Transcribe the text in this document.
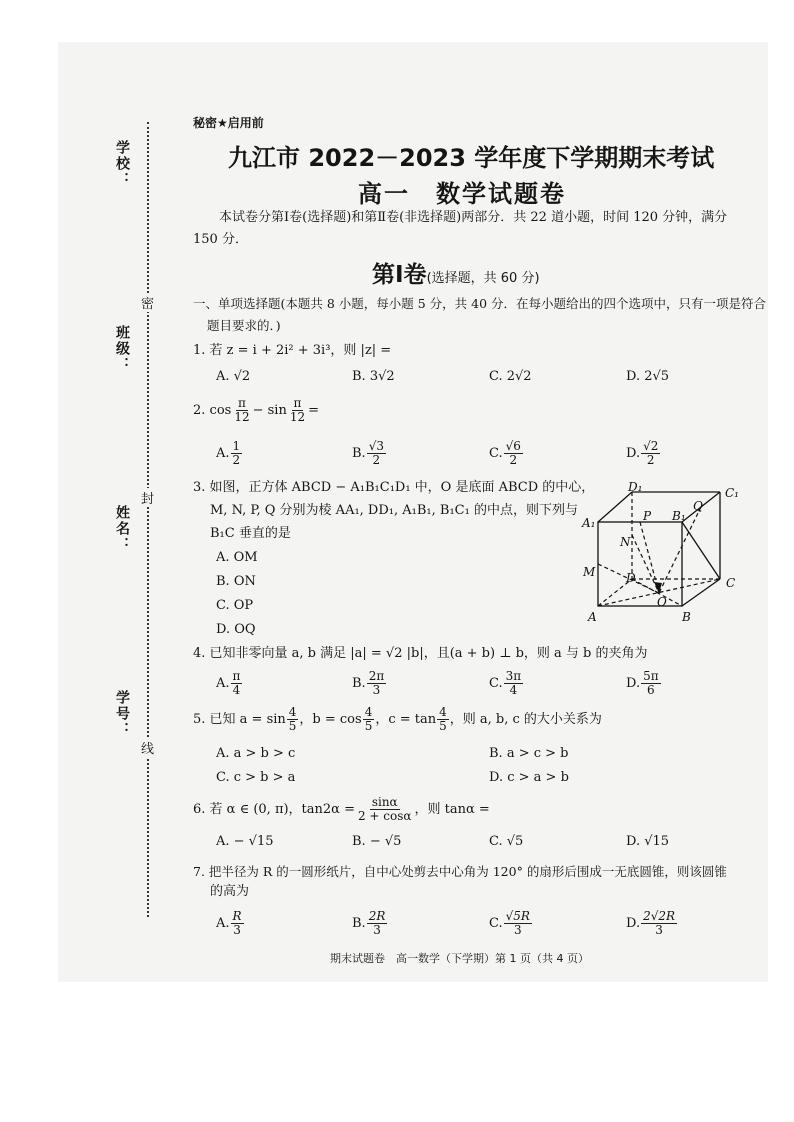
学校：
班级：
姓名：
学号：
密
封
线
秘密★启用前
九江市 2022－2023 学年度下学期期末考试
高一　数学试题卷
本试卷分第Ⅰ卷(选择题)和第Ⅱ卷(非选择题)两部分．共 22 道小题，时间 120 分钟，满分 150 分．
第Ⅰ卷(选择题，共 60 分)
一、单项选择题(本题共 8 小题，每小题 5 分，共 40 分．在每小题给出的四个选项中，只有一项是符合题目要求的．)
1. 若 z = i + 2i² + 3i³，则 |z| =
A. √2	B. 3√2	C. 2√2	D. 2√5
2. $\cos \frac{\pi}{12} - \sin \frac{\pi}{12}$ =
A. $\frac{1}{2}$	B. $\frac{√3}{2}$	C. $\frac{√6}{2}$	D. $\frac{√2}{2}$
3. 如图，正方体 ABCD − A₁B₁C₁D₁ 中，O 是底面 ABCD 的中心，
M, N, P, Q 分别为棱 AA₁, DD₁, A₁B₁, B₁C₁ 的中点，则下列与
B₁C 垂直的是
A. OM
B. ON
C. OP
D. OQ
D₁	C₁
A₁	B₁
P
Q
N
M	D	C
O
A	B
4. 已知非零向量 a, b 满足 |a| = √2 |b|，且(a + b) ⊥ b，则 a 与 b 的夹角为
A. $\frac{\pi}{4}$	B. $\frac{2\pi}{3}$	C. $\frac{3\pi}{4}$	D. $\frac{5\pi}{6}$
5. 已知 $a = \sin \frac{4}{5}$ ，$b = \cos \frac{4}{5}$ ，$c = \tan \frac{4}{5}$ ，则 a, b, c 的大小关系为
A. a > b > c	B. a > c > b
C. c > b > a	D. c > a > b
6. 若 α ∈ (0, π)，$\tan 2\alpha = \frac{\sin\alpha}{2 + \cos\alpha}$ ，则 tanα =
A. − √15	B. − √5	C. √5	D. √15
7. 把半径为 R 的一圆形纸片，自中心处剪去中心角为 120° 的扇形后围成一无底圆锥，则该圆锥
的高为
A. $\frac{R}{3}$	B. $\frac{2R}{3}$	C. $\frac{√5R}{3}$	D. $\frac{2√2R}{3}$
期末试题卷　高一数学（下学期）第 1 页（共 4 页）
